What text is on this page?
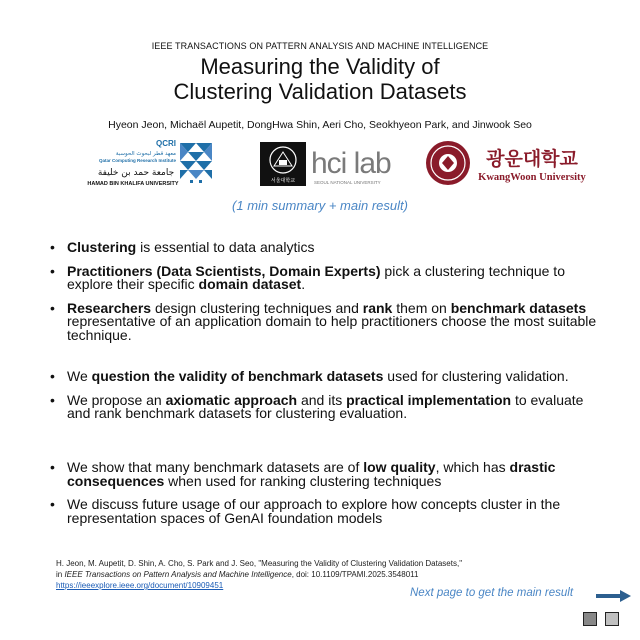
IEEE TRANSACTIONS ON PATTERN ANALYSIS AND MACHINE INTELLIGENCE
Measuring the Validity of
Clustering Validation Datasets
Hyeon Jeon, Michaël Aupetit, DongHwa Shin, Aeri Cho, Seokhyeon Park, and Jinwook Seo
QCRI
معهد قطر لبحوث الحوسبة
Qatar Computing Research Institute
جامعة حمد بن خليفة
HAMAD BIN KHALIFA UNIVERSITY	서울대학교
hci lab
SEOUL NATIONAL UNIVERSITY
광운대학교
KwangWoon University
(1 min summary + main result)
• Clustering is essential to data analytics
• Practitioners (Data Scientists, Domain Experts) pick a clustering technique to explore their specific domain dataset.
• Researchers design clustering techniques and rank them on benchmark datasets representative of an application domain to help practitioners choose the most suitable technique.
• We question the validity of benchmark datasets used for clustering validation.
• We propose an axiomatic approach and its practical implementation to evaluate and rank benchmark datasets for clustering evaluation.
• We show that many benchmark datasets are of low quality, which has drastic consequences when used for ranking clustering techniques
• We discuss future usage of our approach to explore how concepts cluster in the representation spaces of GenAI foundation models
H. Jeon, M. Aupetit, D. Shin, A. Cho, S. Park and J. Seo, "Measuring the Validity of Clustering Validation Datasets,"
in IEEE Transactions on Pattern Analysis and Machine Intelligence, doi: 10.1109/TPAMI.2025.3548011
https://ieeexplore.ieee.org/document/10909451
Next page to get the main result
